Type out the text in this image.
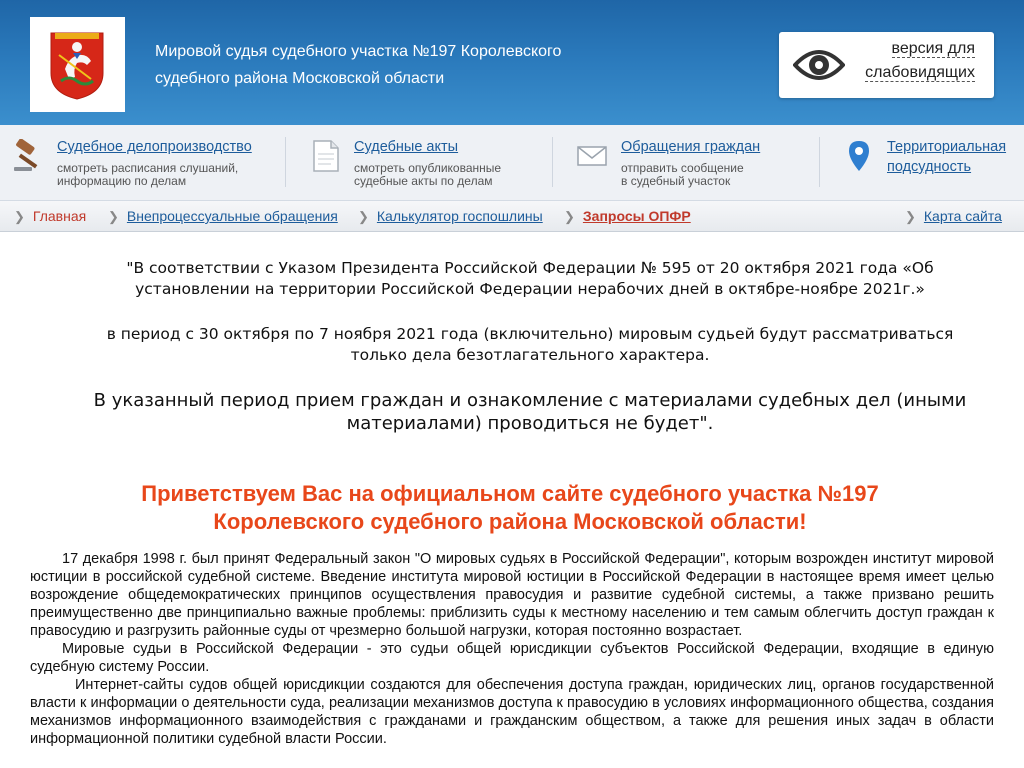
Мировой судья судебного участка №197 Королевского
судебного района Московской области
версия для
слабовидящих
Судебное делопроизводство
смотреть расписания слушаний,
информацию по делам
Судебные акты
смотреть опубликованные
судебные акты по делам
Обращения граждан
отправить сообщение
в судебный участок
Территориальная
подсудность
❯ Главная ❯ Внепроцессуальные обращения ❯ Калькулятор госпошлины ❯ Запросы ОПФР	❯ Карта сайта
"В соответствии с Указом Президента Российской Федерации № 595 от 20 октября 2021 года «Об
установлении на территории Российской Федерации нерабочих дней в октябре-ноябре 2021г.»
в период с 30 октября по 7 ноября 2021 года (включительно) мировым судьей будут рассматриваться
только дела безотлагательного характера.
В указанный период прием граждан и ознакомление с материалами судебных дел (иными
материалами) проводиться не будет".
Приветствуем Вас на официальном сайте судебного участка №197
Королевского судебного района Московской области!

17 декабря 1998 г. был принят Федеральный закон "О мировых судьях в Российской Федерации", которым возрожден институт мировой юстиции в российской судебной системе. Введение института мировой юстиции в Российской Федерации в настоящее время имеет целью возрождение общедемократических принципов осуществления правосудия и развитие судебной системы, а также призвано решить преимущественно две принципиально важные проблемы: приблизить суды к местному населению и тем самым облегчить доступ граждан к правосудию и разгрузить районные суды от чрезмерно большой нагрузки, которая постоянно возрастает.

Мировые судьи в Российской Федерации - это судьи общей юрисдикции субъектов Российской Федерации, входящие в единую судебную систему России.

Интернет-сайты судов общей юрисдикции создаются для обеспечения доступа граждан, юридических лиц, органов государственной власти к информации о деятельности суда, реализации механизмов доступа к правосудию в условиях информационного общества, создания механизмов информационного взаимодействия с гражданами и гражданским обществом, а также для решения иных задач в области информационной политики судебной власти России.
